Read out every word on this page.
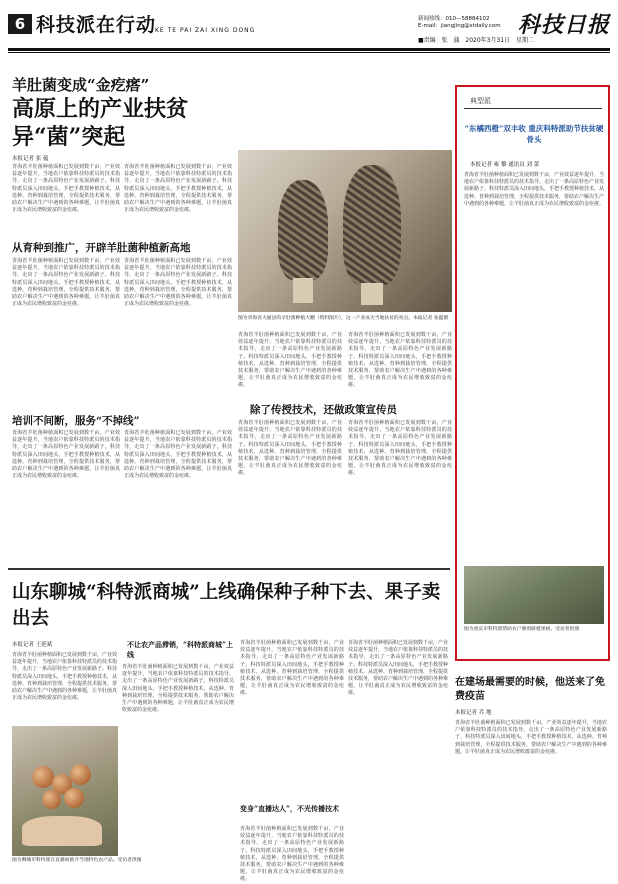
6 科技派在行动
KE TE PAI ZAI XING DONG
新闻热线：010—58884102
E-mail：jiangjing@stdaily.com 科技日报
■责编 张 蒲 2020年3月31日 星期二
羊肚菌变成“金疙瘩”
高原上的产业扶贫异“菌”突起
本报记者 张 蕴
青海省羊肚菌种植面积已发展到数千亩，产业效益逐年提升，当地农户依靠科技特派员的技术指导，走出了一条高原特色产业发展新路子。科技特派员深入田间地头，手把手教授种植技术，从选种、育种到栽培管理，全程提供技术服务，帮助农户解决生产中遇到的各种难题，让羊肚菌真正成为农民增收致富的金疙瘩。
青海省羊肚菌种植面积已发展到数千亩，产业效益逐年提升，当地农户依靠科技特派员的技术指导，走出了一条高原特色产业发展新路子。科技特派员深入田间地头，手把手教授种植技术，从选种、育种到栽培管理，全程提供技术服务，帮助农户解决生产中遇到的各种难题，让羊肚菌真正成为农民增收致富的金疙瘩。
从育种到推广，开辟羊肚菌种植新高地
青海省羊肚菌种植面积已发展到数千亩，产业效益逐年提升，当地农户依靠科技特派员的技术指导，走出了一条高原特色产业发展新路子。科技特派员深入田间地头，手把手教授种植技术，从选种、育种到栽培管理，全程提供技术服务，帮助农户解决生产中遇到的各种难题，让羊肚菌真正成为农民增收致富的金疙瘩。
青海省羊肚菌种植面积已发展到数千亩，产业效益逐年提升，当地农户依靠科技特派员的技术指导，走出了一条高原特色产业发展新路子。科技特派员深入田间地头，手把手教授种植技术，从选种、育种到栽培管理，全程提供技术服务，帮助农户解决生产中遇到的各种难题，让羊肚菌真正成为农民增收致富的金疙瘩。
培训不间断，服务“不掉线”
青海省羊肚菌种植面积已发展到数千亩，产业效益逐年提升，当地农户依靠科技特派员的技术指导，走出了一条高原特色产业发展新路子。科技特派员深入田间地头，手把手教授种植技术，从选种、育种到栽培管理，全程提供技术服务，帮助农户解决生产中遇到的各种难题，让羊肚菌真正成为农民增收致富的金疙瘩。
青海省羊肚菌种植面积已发展到数千亩，产业效益逐年提升，当地农户依靠科技特派员的技术指导，走出了一条高原特色产业发展新路子。科技特派员深入田间地头，手把手教授种植技术，从选种、育种到栽培管理，全程提供技术服务，帮助农户解决生产中遇到的各种难题，让羊肚菌真正成为农民增收致富的金疙瘩。
图为青海省大通县的羊肚菌种植大棚（资料图片），这一产业成为当地扶贫的亮点。本报记者 张蕴摄
青海省羊肚菌种植面积已发展到数千亩，产业效益逐年提升，当地农户依靠科技特派员的技术指导，走出了一条高原特色产业发展新路子。科技特派员深入田间地头，手把手教授种植技术，从选种、育种到栽培管理，全程提供技术服务，帮助农户解决生产中遇到的各种难题，让羊肚菌真正成为农民增收致富的金疙瘩。
青海省羊肚菌种植面积已发展到数千亩，产业效益逐年提升，当地农户依靠科技特派员的技术指导，走出了一条高原特色产业发展新路子。科技特派员深入田间地头，手把手教授种植技术，从选种、育种到栽培管理，全程提供技术服务，帮助农户解决生产中遇到的各种难题，让羊肚菌真正成为农民增收致富的金疙瘩。
除了传授技术，还做政策宣传员
青海省羊肚菌种植面积已发展到数千亩，产业效益逐年提升，当地农户依靠科技特派员的技术指导，走出了一条高原特色产业发展新路子。科技特派员深入田间地头，手把手教授种植技术，从选种、育种到栽培管理，全程提供技术服务，帮助农户解决生产中遇到的各种难题，让羊肚菌真正成为农民增收致富的金疙瘩。
青海省羊肚菌种植面积已发展到数千亩，产业效益逐年提升，当地农户依靠科技特派员的技术指导，走出了一条高原特色产业发展新路子。科技特派员深入田间地头，手把手教授种植技术，从选种、育种到栽培管理，全程提供技术服务，帮助农户解决生产中遇到的各种难题，让羊肚菌真正成为农民增收致富的金疙瘩。
典型派
“东橘西橙”双丰收 重庆科特派助节扶贫硬骨头
本报记者 雍 黎 通讯员 刘 蕾
青海省羊肚菌种植面积已发展到数千亩，产业效益逐年提升，当地农户依靠科技特派员的技术指导，走出了一条高原特色产业发展新路子。科技特派员深入田间地头，手把手教授种植技术，从选种、育种到栽培管理，全程提供技术服务，帮助农户解决生产中遇到的各种难题，让羊肚菌真正成为农民增收致富的金疙瘩。
图为重庆市科特派帮助农户修剪脐橙果树。受访者供图
山东聊城“科特派商城”上线确保种子种下去、果子卖出去
本报记者 王延斌
青海省羊肚菌种植面积已发展到数千亩，产业效益逐年提升，当地农户依靠科技特派员的技术指导，走出了一条高原特色产业发展新路子。科技特派员深入田间地头，手把手教授种植技术，从选种、育种到栽培管理，全程提供技术服务，帮助农户解决生产中遇到的各种难题，让羊肚菌真正成为农民增收致富的金疙瘩。
不让农产品滞销，“科特派商城”上线
青海省羊肚菌种植面积已发展到数千亩，产业效益逐年提升，当地农户依靠科技特派员的技术指导，走出了一条高原特色产业发展新路子。科技特派员深入田间地头，手把手教授种植技术，从选种、育种到栽培管理，全程提供技术服务，帮助农户解决生产中遇到的各种难题，让羊肚菌真正成为农民增收致富的金疙瘩。
青海省羊肚菌种植面积已发展到数千亩，产业效益逐年提升，当地农户依靠科技特派员的技术指导，走出了一条高原特色产业发展新路子。科技特派员深入田间地头，手把手教授种植技术，从选种、育种到栽培管理，全程提供技术服务，帮助农户解决生产中遇到的各种难题，让羊肚菌真正成为农民增收致富的金疙瘩。
变身“直播达人”，不光传播技术
青海省羊肚菌种植面积已发展到数千亩，产业效益逐年提升，当地农户依靠科技特派员的技术指导，走出了一条高原特色产业发展新路子。科技特派员深入田间地头，手把手教授种植技术，从选种、育种到栽培管理，全程提供技术服务，帮助农户解决生产中遇到的各种难题，让羊肚菌真正成为农民增收致富的金疙瘩。
青海省羊肚菌种植面积已发展到数千亩，产业效益逐年提升，当地农户依靠科技特派员的技术指导，走出了一条高原特色产业发展新路子。科技特派员深入田间地头，手把手教授种植技术，从选种、育种到栽培管理，全程提供技术服务，帮助农户解决生产中遇到的各种难题，让羊肚菌真正成为农民增收致富的金疙瘩。
图为聊城市科特派在直播间推介当地特色农产品。受访者供图
在建场最需要的时候，他送来了免费疫苗
本报记者 乔 地
青海省羊肚菌种植面积已发展到数千亩，产业效益逐年提升，当地农户依靠科技特派员的技术指导，走出了一条高原特色产业发展新路子。科技特派员深入田间地头，手把手教授种植技术，从选种、育种到栽培管理，全程提供技术服务，帮助农户解决生产中遇到的各种难题，让羊肚菌真正成为农民增收致富的金疙瘩。
